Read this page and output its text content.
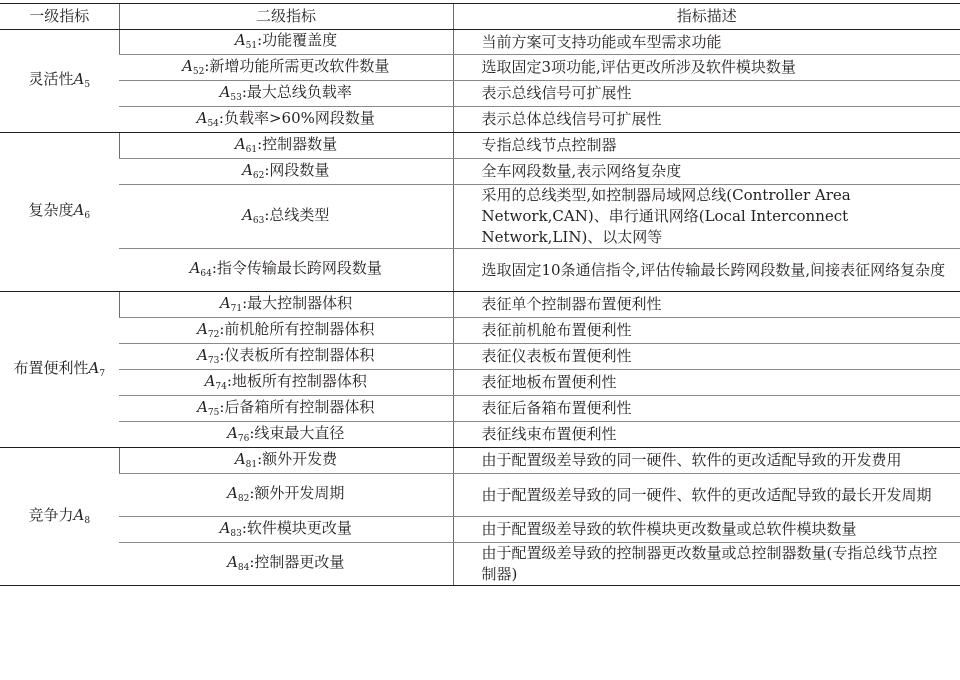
一级指标	二级指标	指标描述
灵活性$A_5$	$A_{51}$:功能覆盖度	当前方案可支持功能或车型需求功能
	$A_{52}$:新增功能所需更改软件数量	选取固定3项功能,评估更改所涉及软件模块数量
	$A_{53}$:最大总线负载率	表示总线信号可扩展性
	$A_{54}$:负载率>60%网段数量	表示总体总线信号可扩展性
复杂度$A_6$	$A_{61}$:控制器数量	专指总线节点控制器
	$A_{62}$:网段数量	全车网段数量,表示网络复杂度
	$A_{63}$:总线类型	采用的总线类型,如控制器局域网总线(Controller Area Network,CAN)、串行通讯网络(Local Interconnect Network,LIN)、以太网等
	$A_{64}$:指令传输最长跨网段数量	选取固定10条通信指令,评估传输最长跨网段数量,间接表征网络复杂度
布置便利性$A_7$	$A_{71}$:最大控制器体积	表征单个控制器布置便利性
	$A_{72}$:前机舱所有控制器体积	表征前机舱布置便利性
	$A_{73}$:仪表板所有控制器体积	表征仪表板布置便利性
	$A_{74}$:地板所有控制器体积	表征地板布置便利性
	$A_{75}$:后备箱所有控制器体积	表征后备箱布置便利性
	$A_{76}$:线束最大直径	表征线束布置便利性
竞争力$A_8$	$A_{81}$:额外开发费	由于配置级差导致的同一硬件、软件的更改适配导致的开发费用
	$A_{82}$:额外开发周期	由于配置级差导致的同一硬件、软件的更改适配导致的最长开发周期
	$A_{83}$:软件模块更改量	由于配置级差导致的软件模块更改数量或总软件模块数量
	$A_{84}$:控制器更改量	由于配置级差导致的控制器更改数量或总控制器数量(专指总线节点控制器)
